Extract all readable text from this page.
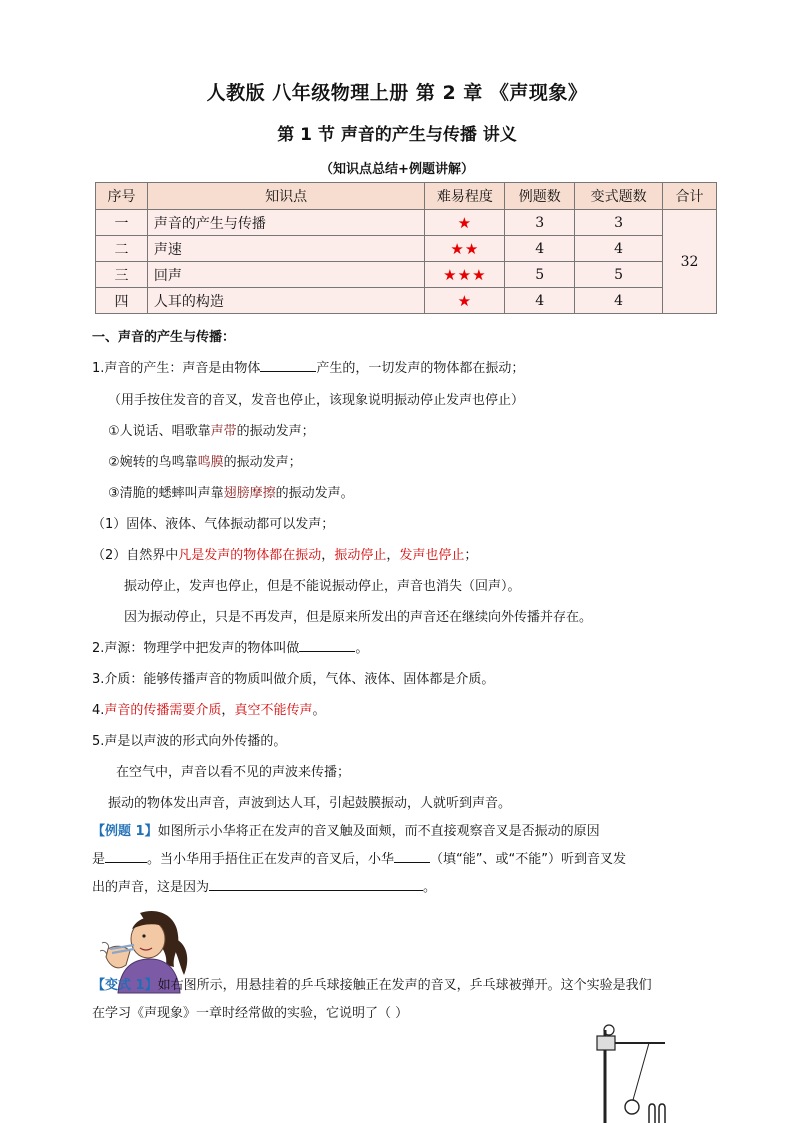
人教版 八年级物理上册 第 2 章 《声现象》
第 1 节 声音的产生与传播 讲义
（知识点总结+例题讲解）
序号	知识点	难易程度	例题数	变式题数	合计
一	声音的产生与传播	★	3	3	32
二	声速	★★	4	4	
三	回声	★★★	5	5	
四	人耳的构造	★	4	4	
一、声音的产生与传播：
1.声音的产生：声音是由物体	产生的，一切发声的物体都在振动；
（用手按住发音的音叉，发音也停止，该现象说明振动停止发声也停止）
①人说话、唱歌靠声带的振动发声；
②婉转的鸟鸣靠鸣膜的振动发声；
③清脆的蟋蟀叫声靠翅膀摩擦的振动发声。
（1）固体、液体、气体振动都可以发声；
（2）自然界中凡是发声的物体都在振动，振动停止，发声也停止；
振动停止，发声也停止，但是不能说振动停止，声音也消失（回声）。
因为振动停止，只是不再发声，但是原来所发出的声音还在继续向外传播并存在。
2.声源：物理学中把发声的物体叫做	。
3.介质：能够传播声音的物质叫做介质，气体、液体、固体都是介质。
4.声音的传播需要介质，真空不能传声。
5.声是以声波的形式向外传播的。
在空气中，声音以看不见的声波来传播；
振动的物体发出声音，声波到达人耳，引起鼓膜振动，人就听到声音。
【例题 1】如图所示小华将正在发声的音叉触及面颊，而不直接观察音叉是否振动的原因
是	。当小华用手捂住正在发声的音叉后，小华	（填“能”、或“不能”）听到音叉发
出的声音，这是因为	。
【变式 1】如右图所示，用悬挂着的乒乓球接触正在发声的音叉，乒乓球被弹开。这个实验是我们
在学习《声现象》一章时经常做的实验，它说明了（ ）
